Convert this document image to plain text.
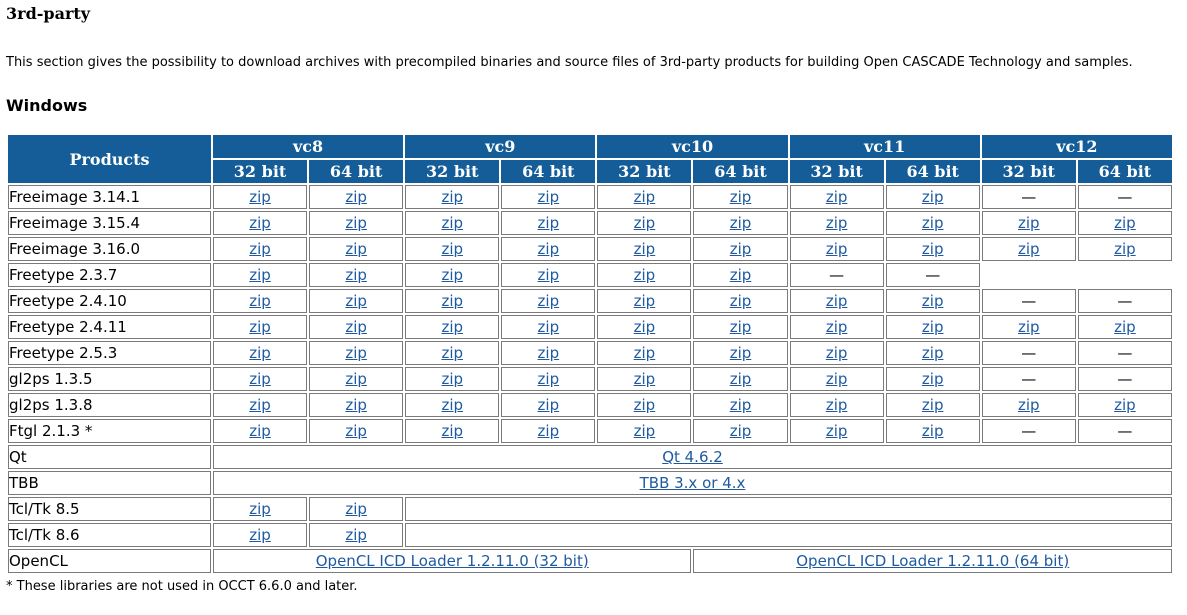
3rd-party
This section gives the possibility to download archives with precompiled binaries and source files of 3rd-party products for building Open CASCADE Technology and samples.
Windows
Products	vc8		vc9		vc10		vc11		vc12	
	32 bit	64 bit	32 bit	64 bit	32 bit	64 bit	32 bit	64 bit	32 bit	64 bit
Freeimage 3.14.1	zip	zip	zip	zip	zip	zip	zip	zip	—	—
Freeimage 3.15.4	zip	zip	zip	zip	zip	zip	zip	zip	zip	zip
Freeimage 3.16.0	zip	zip	zip	zip	zip	zip	zip	zip	zip	zip
Freetype 2.3.7	zip	zip	zip	zip	zip	zip	—	—		
Freetype 2.4.10	zip	zip	zip	zip	zip	zip	zip	zip	—	—
Freetype 2.4.11	zip	zip	zip	zip	zip	zip	zip	zip	zip	zip
Freetype 2.5.3	zip	zip	zip	zip	zip	zip	zip	zip	—	—
gl2ps 1.3.5	zip	zip	zip	zip	zip	zip	zip	zip	—	—
gl2ps 1.3.8	zip	zip	zip	zip	zip	zip	zip	zip	zip	zip
Ftgl 2.1.3 *	zip	zip	zip	zip	zip	zip	zip	zip	—	—
Qt	Qt 4.6.2									
TBB	TBB 3.x or 4.x									
Tcl/Tk 8.5	zip	zip								
Tcl/Tk 8.6	zip	zip								
OpenCL	OpenCL ICD Loader 1.2.11.0 (32 bit)					OpenCL ICD Loader 1.2.11.0 (64 bit)				
* These libraries are not used in OCCT 6.6.0 and later.
